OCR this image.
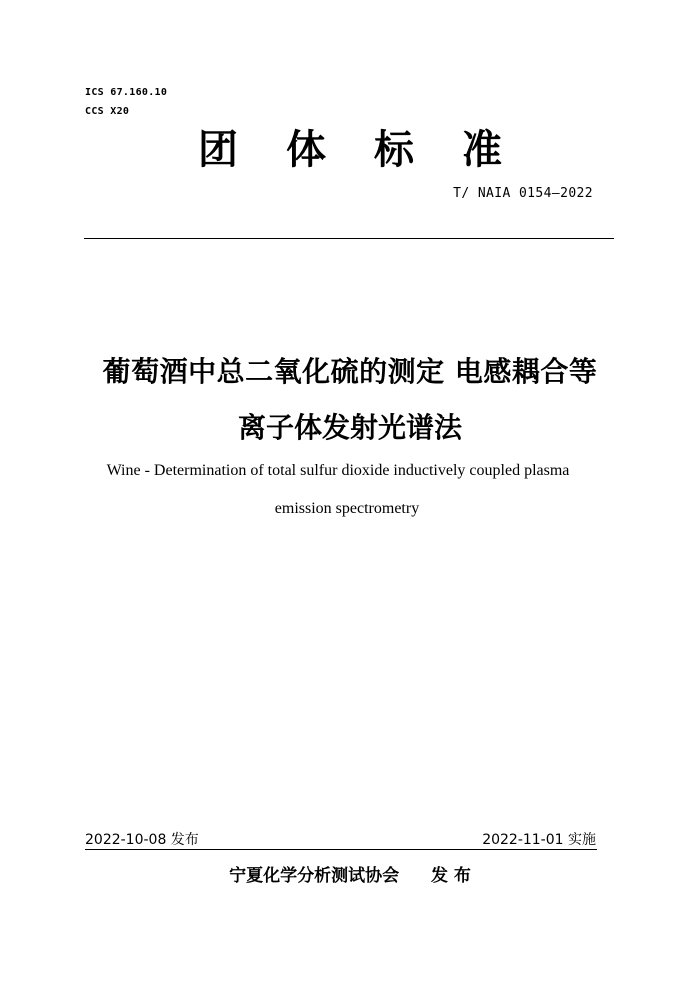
ICS 67.160.10
CCS X20
团 体 标 准
T/ NAIA 0154—2022
葡萄酒中总二氧化硫的测定 电感耦合等
离子体发射光谱法
Wine - Determination of total sulfur dioxide inductively coupled plasma
emission spectrometry
2022-10-08 发布	2022-11-01 实施
宁夏化学分析测试协会 发 布
